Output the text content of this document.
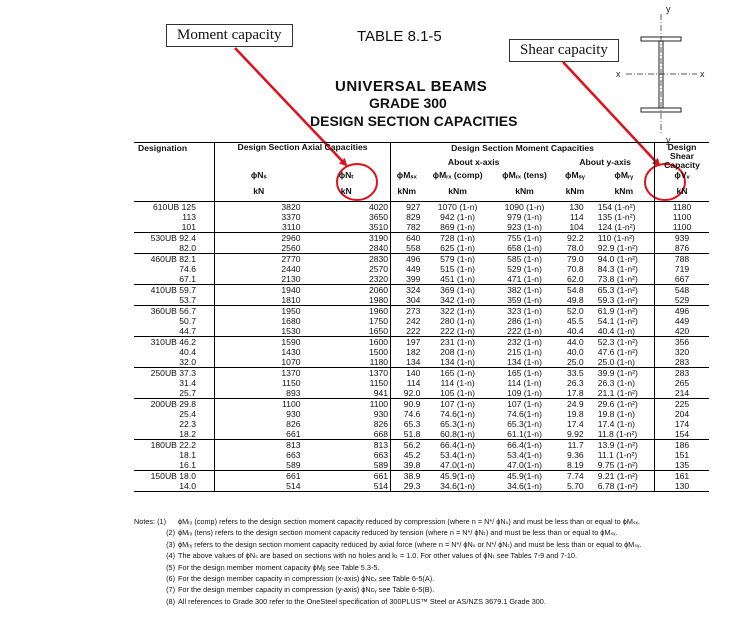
Moment capacity
Shear capacity
TABLE 8.1-5
UNIVERSAL BEAMS
GRADE 300
DESIGN SECTION CAPACITIES
x	x
y
y
Designation	Design Section Axial Capacities		Design Section Moment Capacities					Design Shear Capacity
			About x-axis			About y-axis		
	ϕNₛ	ϕNₜ	ϕMₛₓ	ϕMᵣₓ (comp)	ϕMᵣₓ (tens)	ϕMₛᵧ	ϕMᵣᵧ	ϕVᵥ
	kN	kN	kNm	kNm	kNm	kNm	kNm	kN
610UB 125	3820	4020	927	1070 (1-n)	1090 (1-n)	130	154 (1-n²)	1180
113	3370	3650	829	942 (1-n)	979 (1-n)	114	135 (1-n²)	1100
101	3110	3510	782	869 (1-n)	923 (1-n)	104	124 (1-n²)	1100
530UB 92.4	2960	3190	640	728 (1-n)	755 (1-n)	92.2	110 (1-n²)	939
82.0	2560	2840	558	625 (1-n)	658 (1-n)	78.0	92.9 (1-n²)	876
460UB 82.1	2770	2830	496	579 (1-n)	585 (1-n)	79.0	94.0 (1-n²)	788
74.6	2440	2570	449	515 (1-n)	529 (1-n)	70.8	84.3 (1-n²)	719
67.1	2130	2320	399	451 (1-n)	471 (1-n)	62.0	73.8 (1-n²)	667
410UB 59.7	1940	2060	324	369 (1-n)	382 (1-n)	54.8	65.3 (1-n²)	548
53.7	1810	1980	304	342 (1-n)	359 (1-n)	49.8	59.3 (1-n²)	529
360UB 56.7	1950	1960	273	322 (1-n)	323 (1-n)	52.0	61.9 (1-n²)	496
50.7	1680	1750	242	280 (1-n)	286 (1-n)	45.5	54.1 (1-n²)	449
44.7	1530	1650	222	222 (1-n)	222 (1-n)	40.4	40.4 (1-n)	420
310UB 46.2	1590	1600	197	231 (1-n)	232 (1-n)	44.0	52.3 (1-n²)	356
40.4	1430	1500	182	208 (1-n)	215 (1-n)	40.0	47.6 (1-n²)	320
32.0	1070	1180	134	134 (1-n)	134 (1-n)	25.0	25.0 (1-n)	283
250UB 37.3	1370	1370	140	165 (1-n)	165 (1-n)	33.5	39.9 (1-n²)	283
31.4	1150	1150	114	114 (1-n)	114 (1-n)	26.3	26.3 (1-n)	265
25.7	893	941	92.0	105 (1-n)	109 (1-n)	17.8	21.1 (1-n²)	214
200UB 29.8	1100	1100	90.9	107 (1-n)	107 (1-n)	24.9	29.6 (1-n²)	225
25.4	930	930	74.6	74.6(1-n)	74.6(1-n)	19.8	19.8 (1-n)	204
22.3	826	826	65.3	65.3(1-n)	65.3(1-n)	17.4	17.4 (1-n)	174
18.2	661	668	51.8	60.8(1-n)	61.1(1-n)	9.92	11.8 (1-n²)	154
180UB 22.2	813	813	56.2	66.4(1-n)	66.4(1-n)	11.7	13.9 (1-n²)	186
18.1	663	663	45.2	53.4(1-n)	53.4(1-n)	9.36	11.1 (1-n²)	151
16.1	589	589	39.8	47.0(1-n)	47.0(1-n)	8.19	9.75 (1-n²)	135
150UB 18.0	661	661	38.9	45.9(1-n)	45.9(1-n)	7.74	9.21 (1-n²)	161
14.0	514	514	29.3	34.6(1-n)	34.6(1-n)	5.70	6.78 (1-n²)	130
Notes: (1)	ϕMᵣₓ (comp) refers to the design section moment capacity reduced by compression (where n = N*/ ϕNₛ) and must be less than or equal to ϕMₛₓ.
(2) ϕMᵣₓ (tens) refers to the design section moment capacity reduced by tension (where n = N*/ ϕNₜ) and must be less than or equal to ϕMₛₓ.
(3) ϕMᵣᵧ refers to the design section moment capacity reduced by axial force (where n = N*/ ϕNₛ or N*/ ϕNₜ) and must be less than or equal to ϕMₛᵧ.
(4) The above values of ϕNₛ are based on sections with no holes and kₜ = 1.0. For other values of ϕNₜ see Tables 7-9 and 7-10.
(5) For the design member moment capacity ϕMᵦ see Table 5.3-5.
(6) For the design member capacity in compression (x-axis) ϕNcₓ see Table 6-5(A).
(7) For the design member capacity in compression (y-axis) ϕNcᵧ see Table 6-5(B).
(8) All references to Grade 300 refer to the OneSteel specification of 300PLUS™ Steel or AS/NZS 3679.1 Grade 300.
